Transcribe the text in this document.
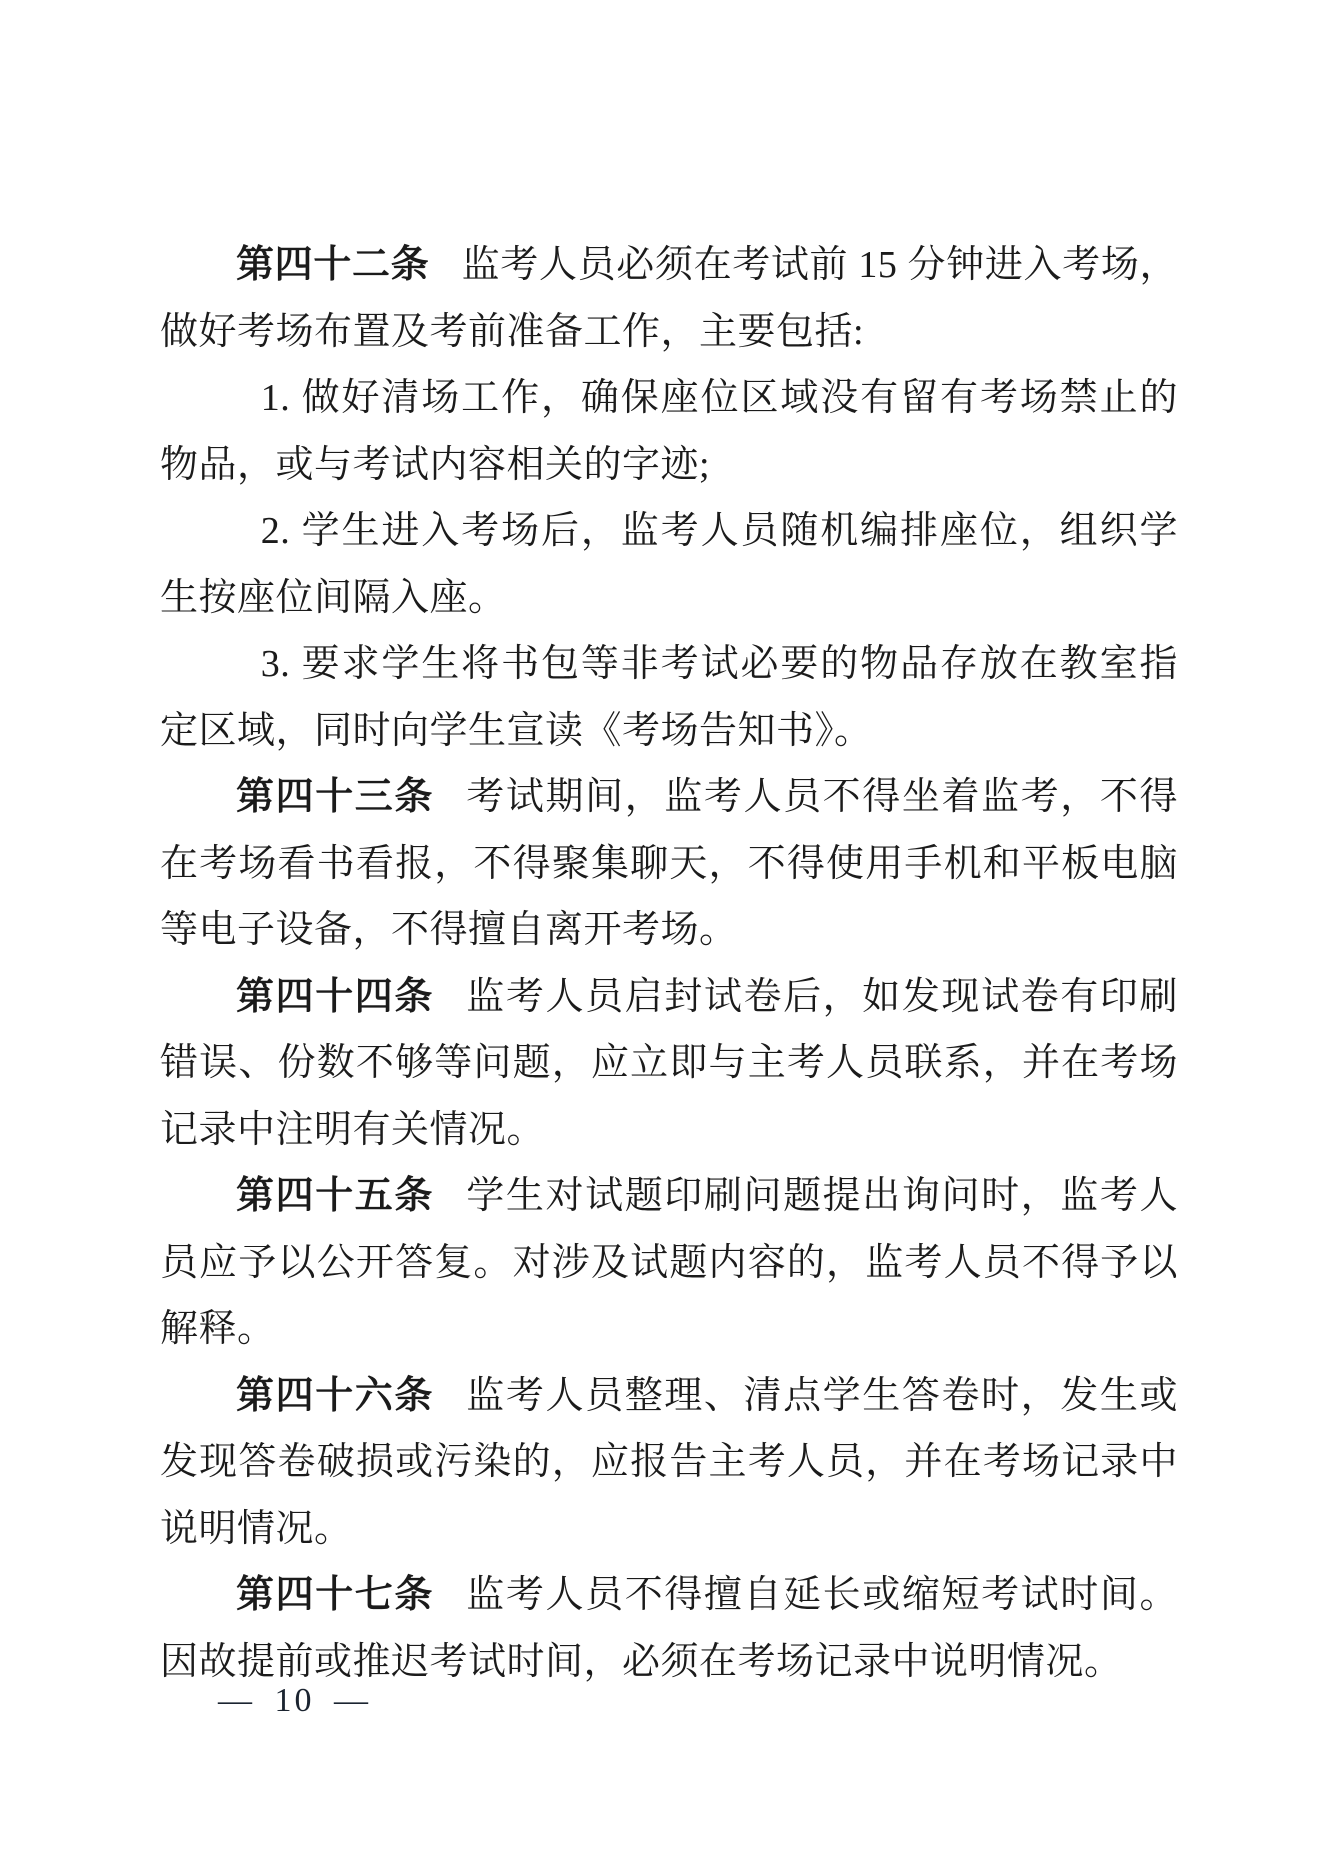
第四十二条 监考人员必须在考试前 15 分钟进入考场，做好考场布置及考前准备工作，主要包括:

1. 做好清场工作，确保座位区域没有留有考场禁止的物品，或与考试内容相关的字迹;

2. 学生进入考场后，监考人员随机编排座位，组织学生按座位间隔入座。

3. 要求学生将书包等非考试必要的物品存放在教室指定区域，同时向学生宣读《考场告知书》。

第四十三条 考试期间，监考人员不得坐着监考，不得在考场看书看报，不得聚集聊天，不得使用手机和平板电脑等电子设备，不得擅自离开考场。

第四十四条 监考人员启封试卷后，如发现试卷有印刷错误、份数不够等问题，应立即与主考人员联系，并在考场记录中注明有关情况。

第四十五条 学生对试题印刷问题提出询问时，监考人员应予以公开答复。对涉及试题内容的，监考人员不得予以解释。

第四十六条 监考人员整理、清点学生答卷时，发生或发现答卷破损或污染的，应报告主考人员，并在考场记录中说明情况。

第四十七条 监考人员不得擅自延长或缩短考试时间。因故提前或推迟考试时间，必须在考场记录中说明情况。

— 10 —
